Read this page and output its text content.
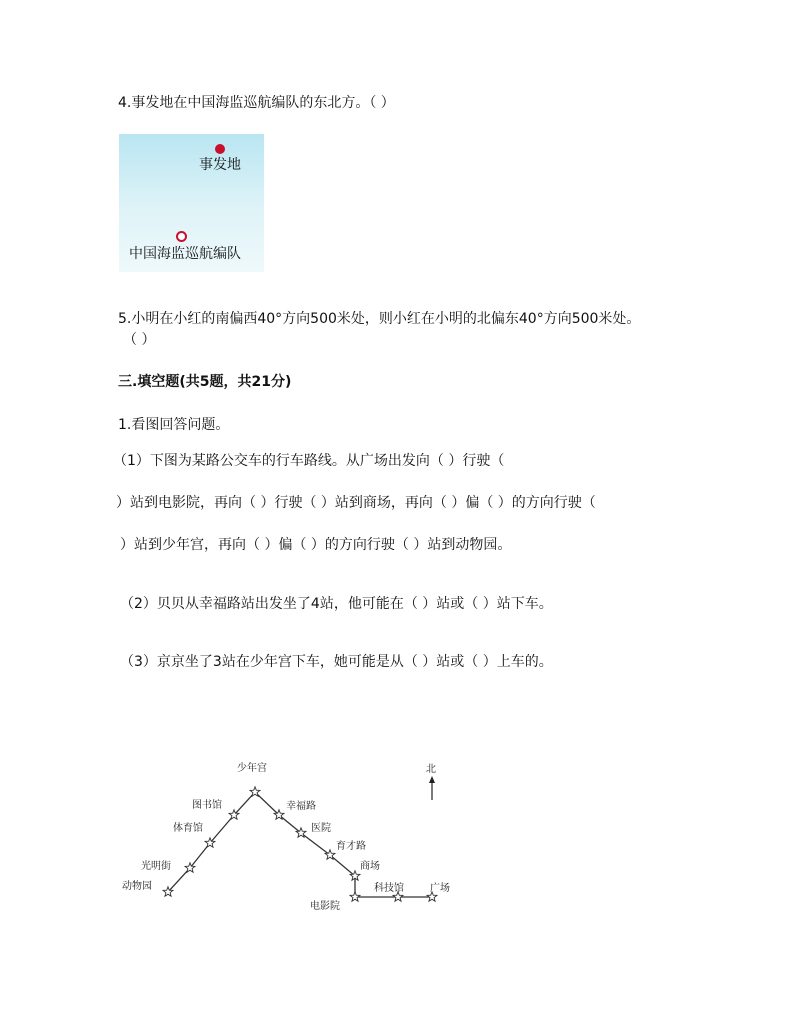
4.事发地在中国海监巡航编队的东北方。（ ）
事发地
中国海监巡航编队
5.小明在小红的南偏西40°方向500米处，则小红在小明的北偏东40°方向500米处。
（ ）
三.填空题(共5题，共21分)
1.看图回答问题。
（1）下图为某路公交车的行车路线。从广场出发向（ ）行驶（
）站到电影院，再向（ ）行驶（ ）站到商场，再向（ ）偏（ ）的方向行驶（
）站到少年宫，再向（ ）偏（ ）的方向行驶（ ）站到动物园。
（2）贝贝从幸福路站出发坐了4站，他可能在（ ）站或（ ）站下车。
（3）京京坐了3站在少年宫下车，她可能是从（ ）站或（ ）上车的。
少年宫
图书馆	幸福路
体育馆	医院
育才路
光明街	商场
动物园	科技馆	广场
电影院
北
